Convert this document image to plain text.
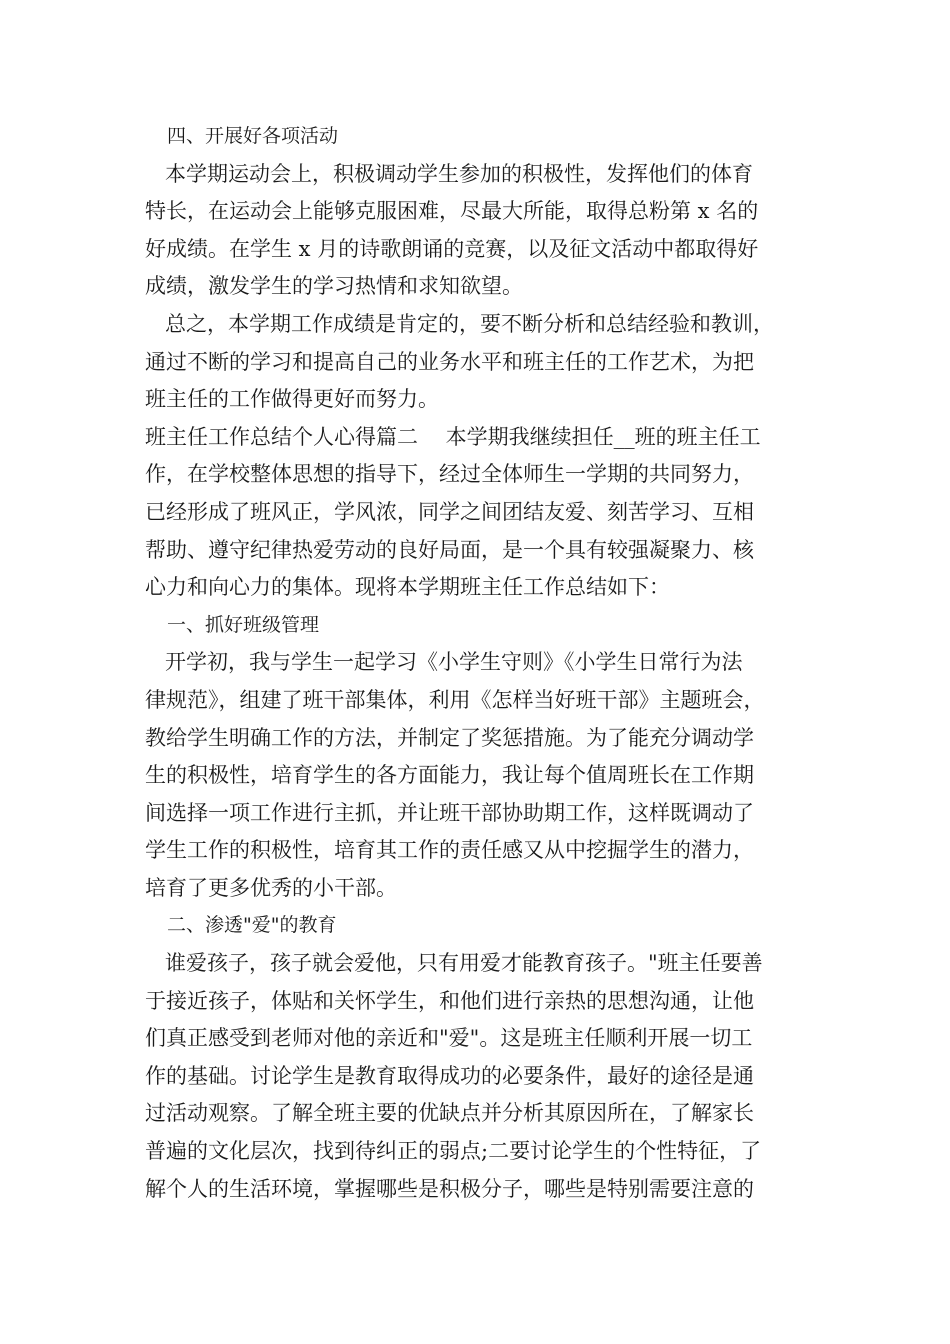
四、开展好各项活动
本学期运动会上，积极调动学生参加的积极性，发挥他们的体育
特长，在运动会上能够克服困难，尽最大所能，取得总粉第 x 名的
好成绩。在学生 x 月的诗歌朗诵的竞赛，以及征文活动中都取得好
成绩，激发学生的学习热情和求知欲望。
总之，本学期工作成绩是肯定的，要不断分析和总结经验和教训，
通过不断的学习和提高自己的业务水平和班主任的工作艺术，为把
班主任的工作做得更好而努力。
班主任工作总结个人心得篇二　 本学期我继续担任__班的班主任工
作，在学校整体思想的指导下，经过全体师生一学期的共同努力，
已经形成了班风正，学风浓，同学之间团结友爱、刻苦学习、互相
帮助、遵守纪律热爱劳动的良好局面，是一个具有较强凝聚力、核
心力和向心力的集体。现将本学期班主任工作总结如下：
一、抓好班级管理
开学初，我与学生一起学习《小学生守则》《小学生日常行为法
律规范》，组建了班干部集体，利用《怎样当好班干部》主题班会，
教给学生明确工作的方法，并制定了奖惩措施。为了能充分调动学
生的积极性，培育学生的各方面能力，我让每个值周班长在工作期
间选择一项工作进行主抓，并让班干部协助期工作，这样既调动了
学生工作的积极性，培育其工作的责任感又从中挖掘学生的潜力，
培育了更多优秀的小干部。
二、渗透"爱"的教育
谁爱孩子，孩子就会爱他，只有用爱才能教育孩子。"班主任要善
于接近孩子，体贴和关怀学生，和他们进行亲热的思想沟通，让他
们真正感受到老师对他的亲近和"爱"。这是班主任顺利开展一切工
作的基础。讨论学生是教育取得成功的必要条件，最好的途径是通
过活动观察。了解全班主要的优缺点并分析其原因所在，了解家长
普遍的文化层次，找到待纠正的弱点;二要讨论学生的个性特征，了
解个人的生活环境，掌握哪些是积极分子，哪些是特别需要注意的
